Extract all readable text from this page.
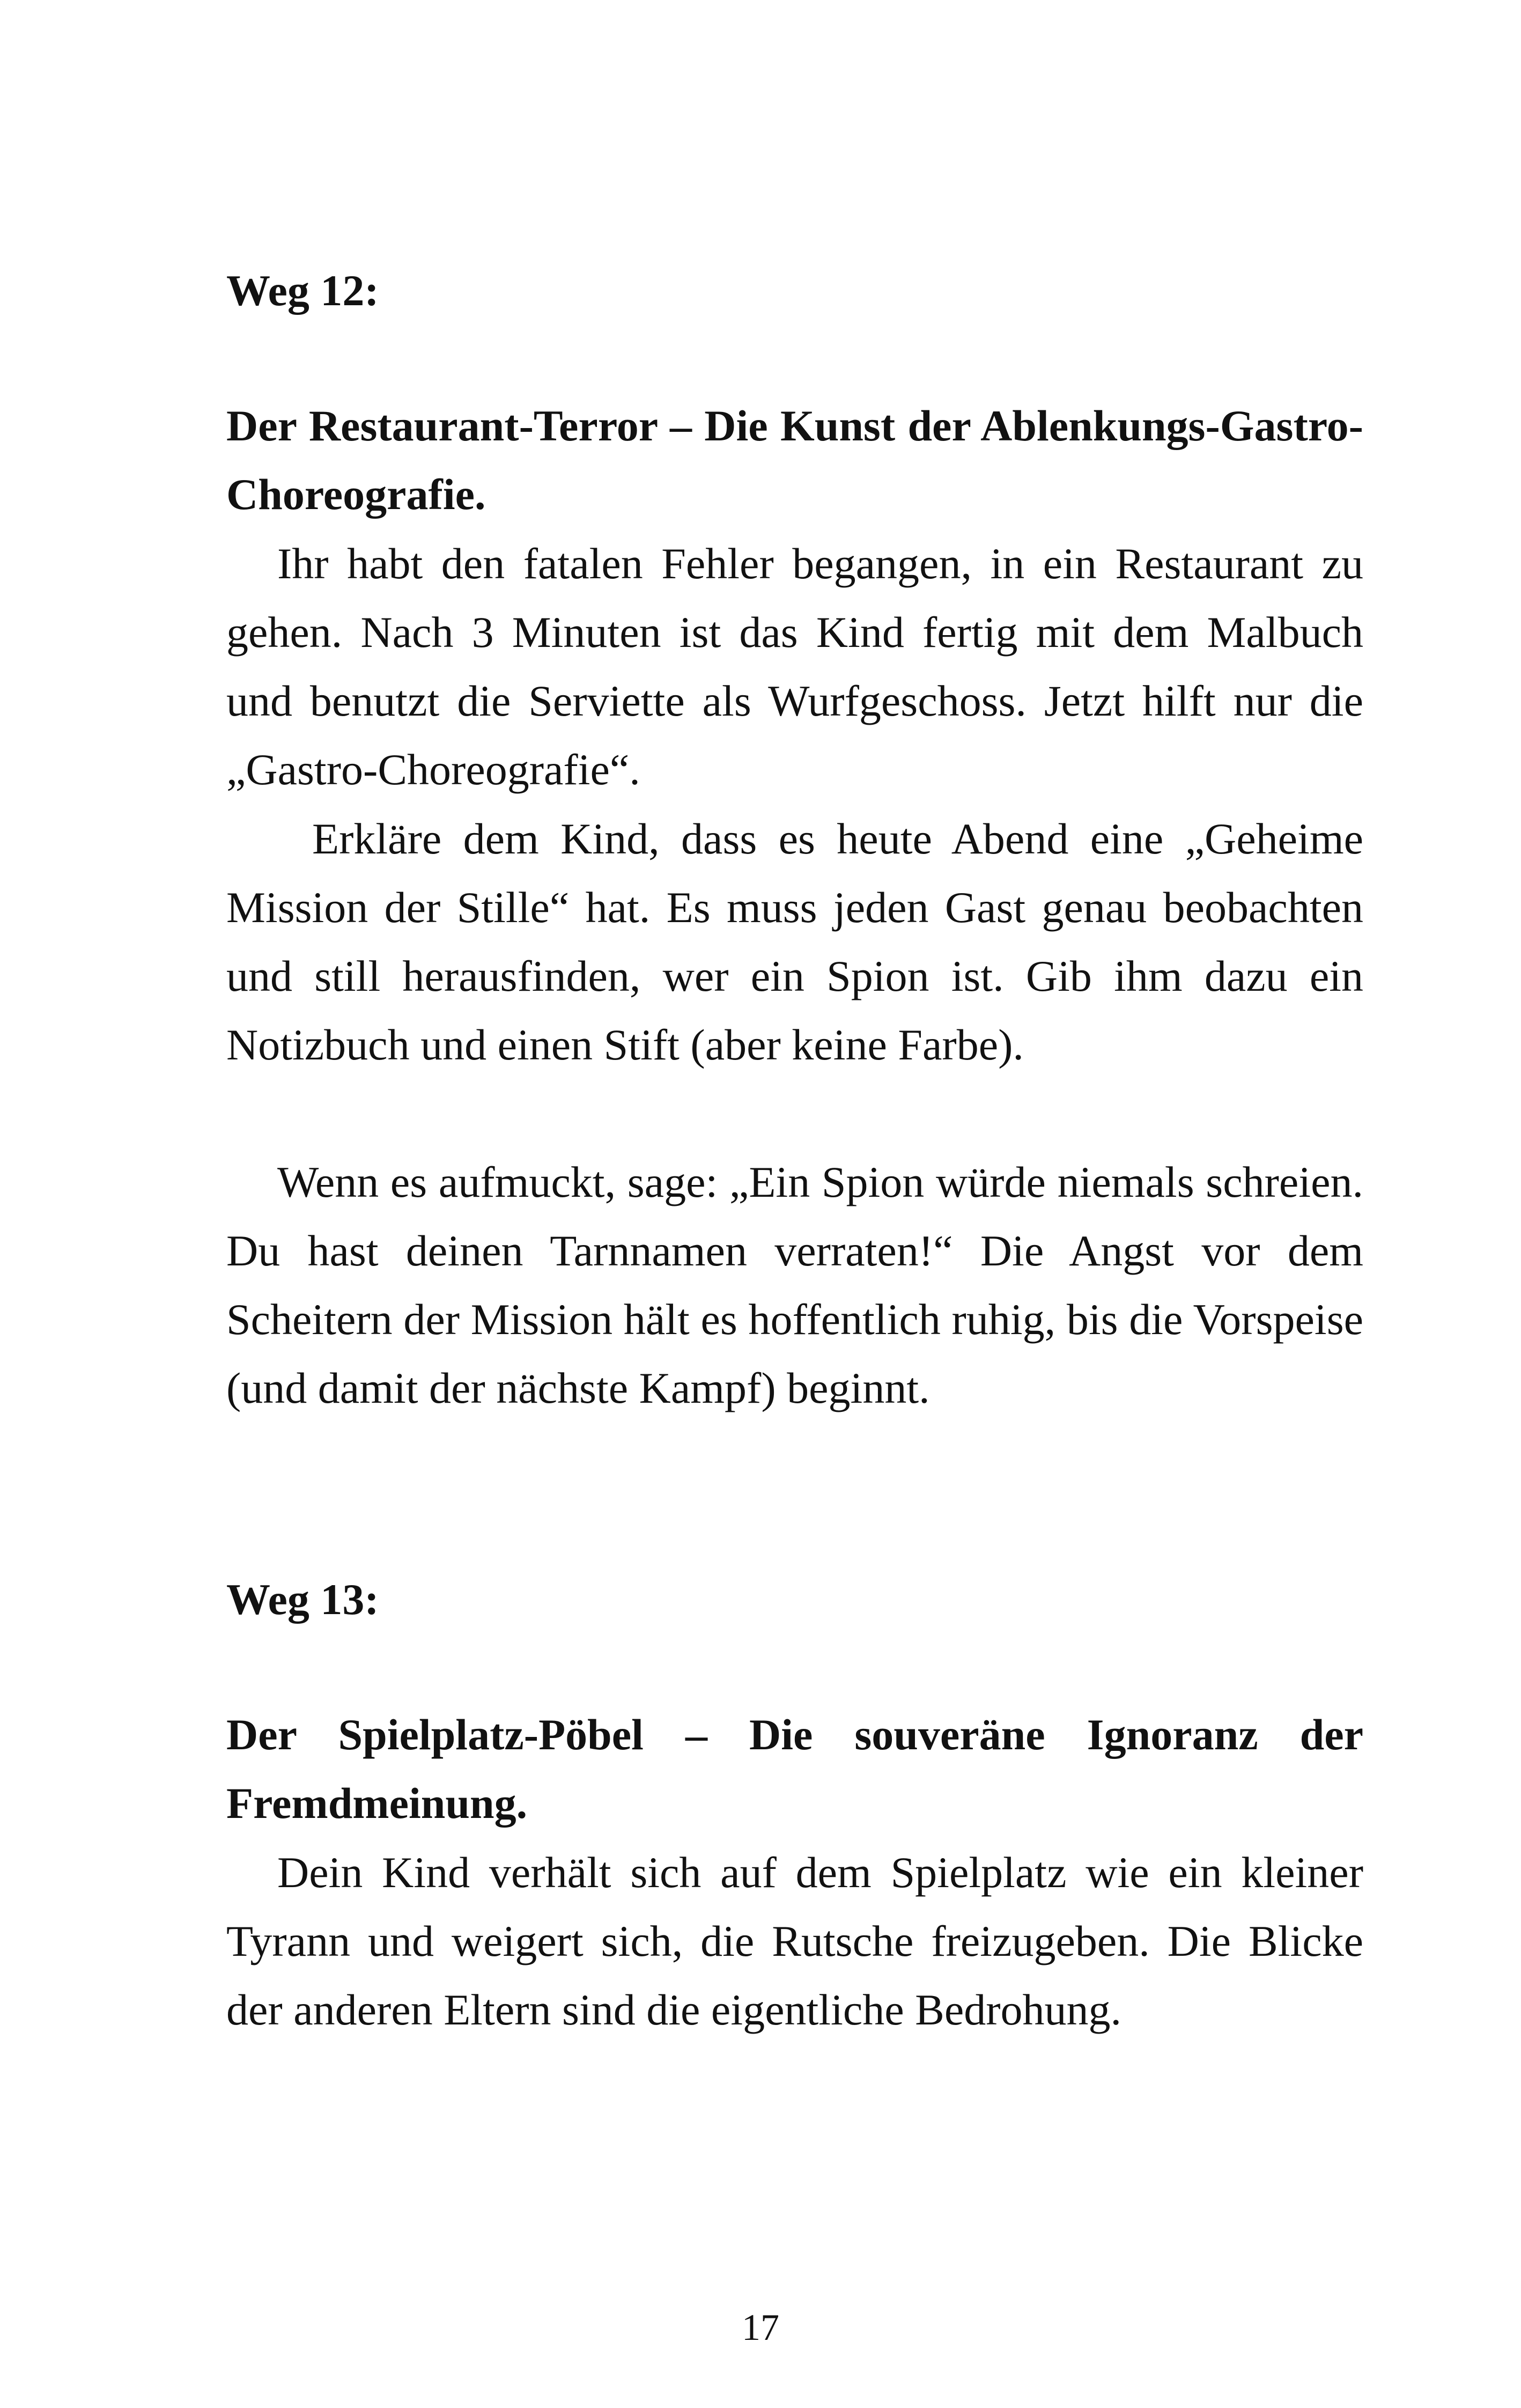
Weg 12:

Der Restaurant-Terror – Die Kunst der Ablenkungs-Gastro-Choreografie.

Ihr habt den fatalen Fehler begangen, in ein Restaurant zu gehen. Nach 3 Minuten ist das Kind fertig mit dem Malbuch und benutzt die Serviette als Wurfgeschoss. Jetzt hilft nur die „Gastro-Choreografie“.

Erkläre dem Kind, dass es heute Abend eine „Geheime Mission der Stille“ hat. Es muss jeden Gast genau beobachten und still herausfinden, wer ein Spion ist. Gib ihm dazu ein Notizbuch und einen Stift (aber keine Farbe).

Wenn es aufmuckt, sage: „Ein Spion würde niemals schreien. Du hast deinen Tarnnamen verraten!“ Die Angst vor dem Scheitern der Mission hält es hoffentlich ruhig, bis die Vorspeise (und damit der nächste Kampf) beginnt.

Weg 13:

Der Spielplatz-Pöbel – Die souveräne Ignoranz der Fremdmeinung.

Dein Kind verhält sich auf dem Spielplatz wie ein kleiner Tyrann und weigert sich, die Rutsche freizugeben. Die Blicke der anderen Eltern sind die eigentliche Bedrohung.

17
